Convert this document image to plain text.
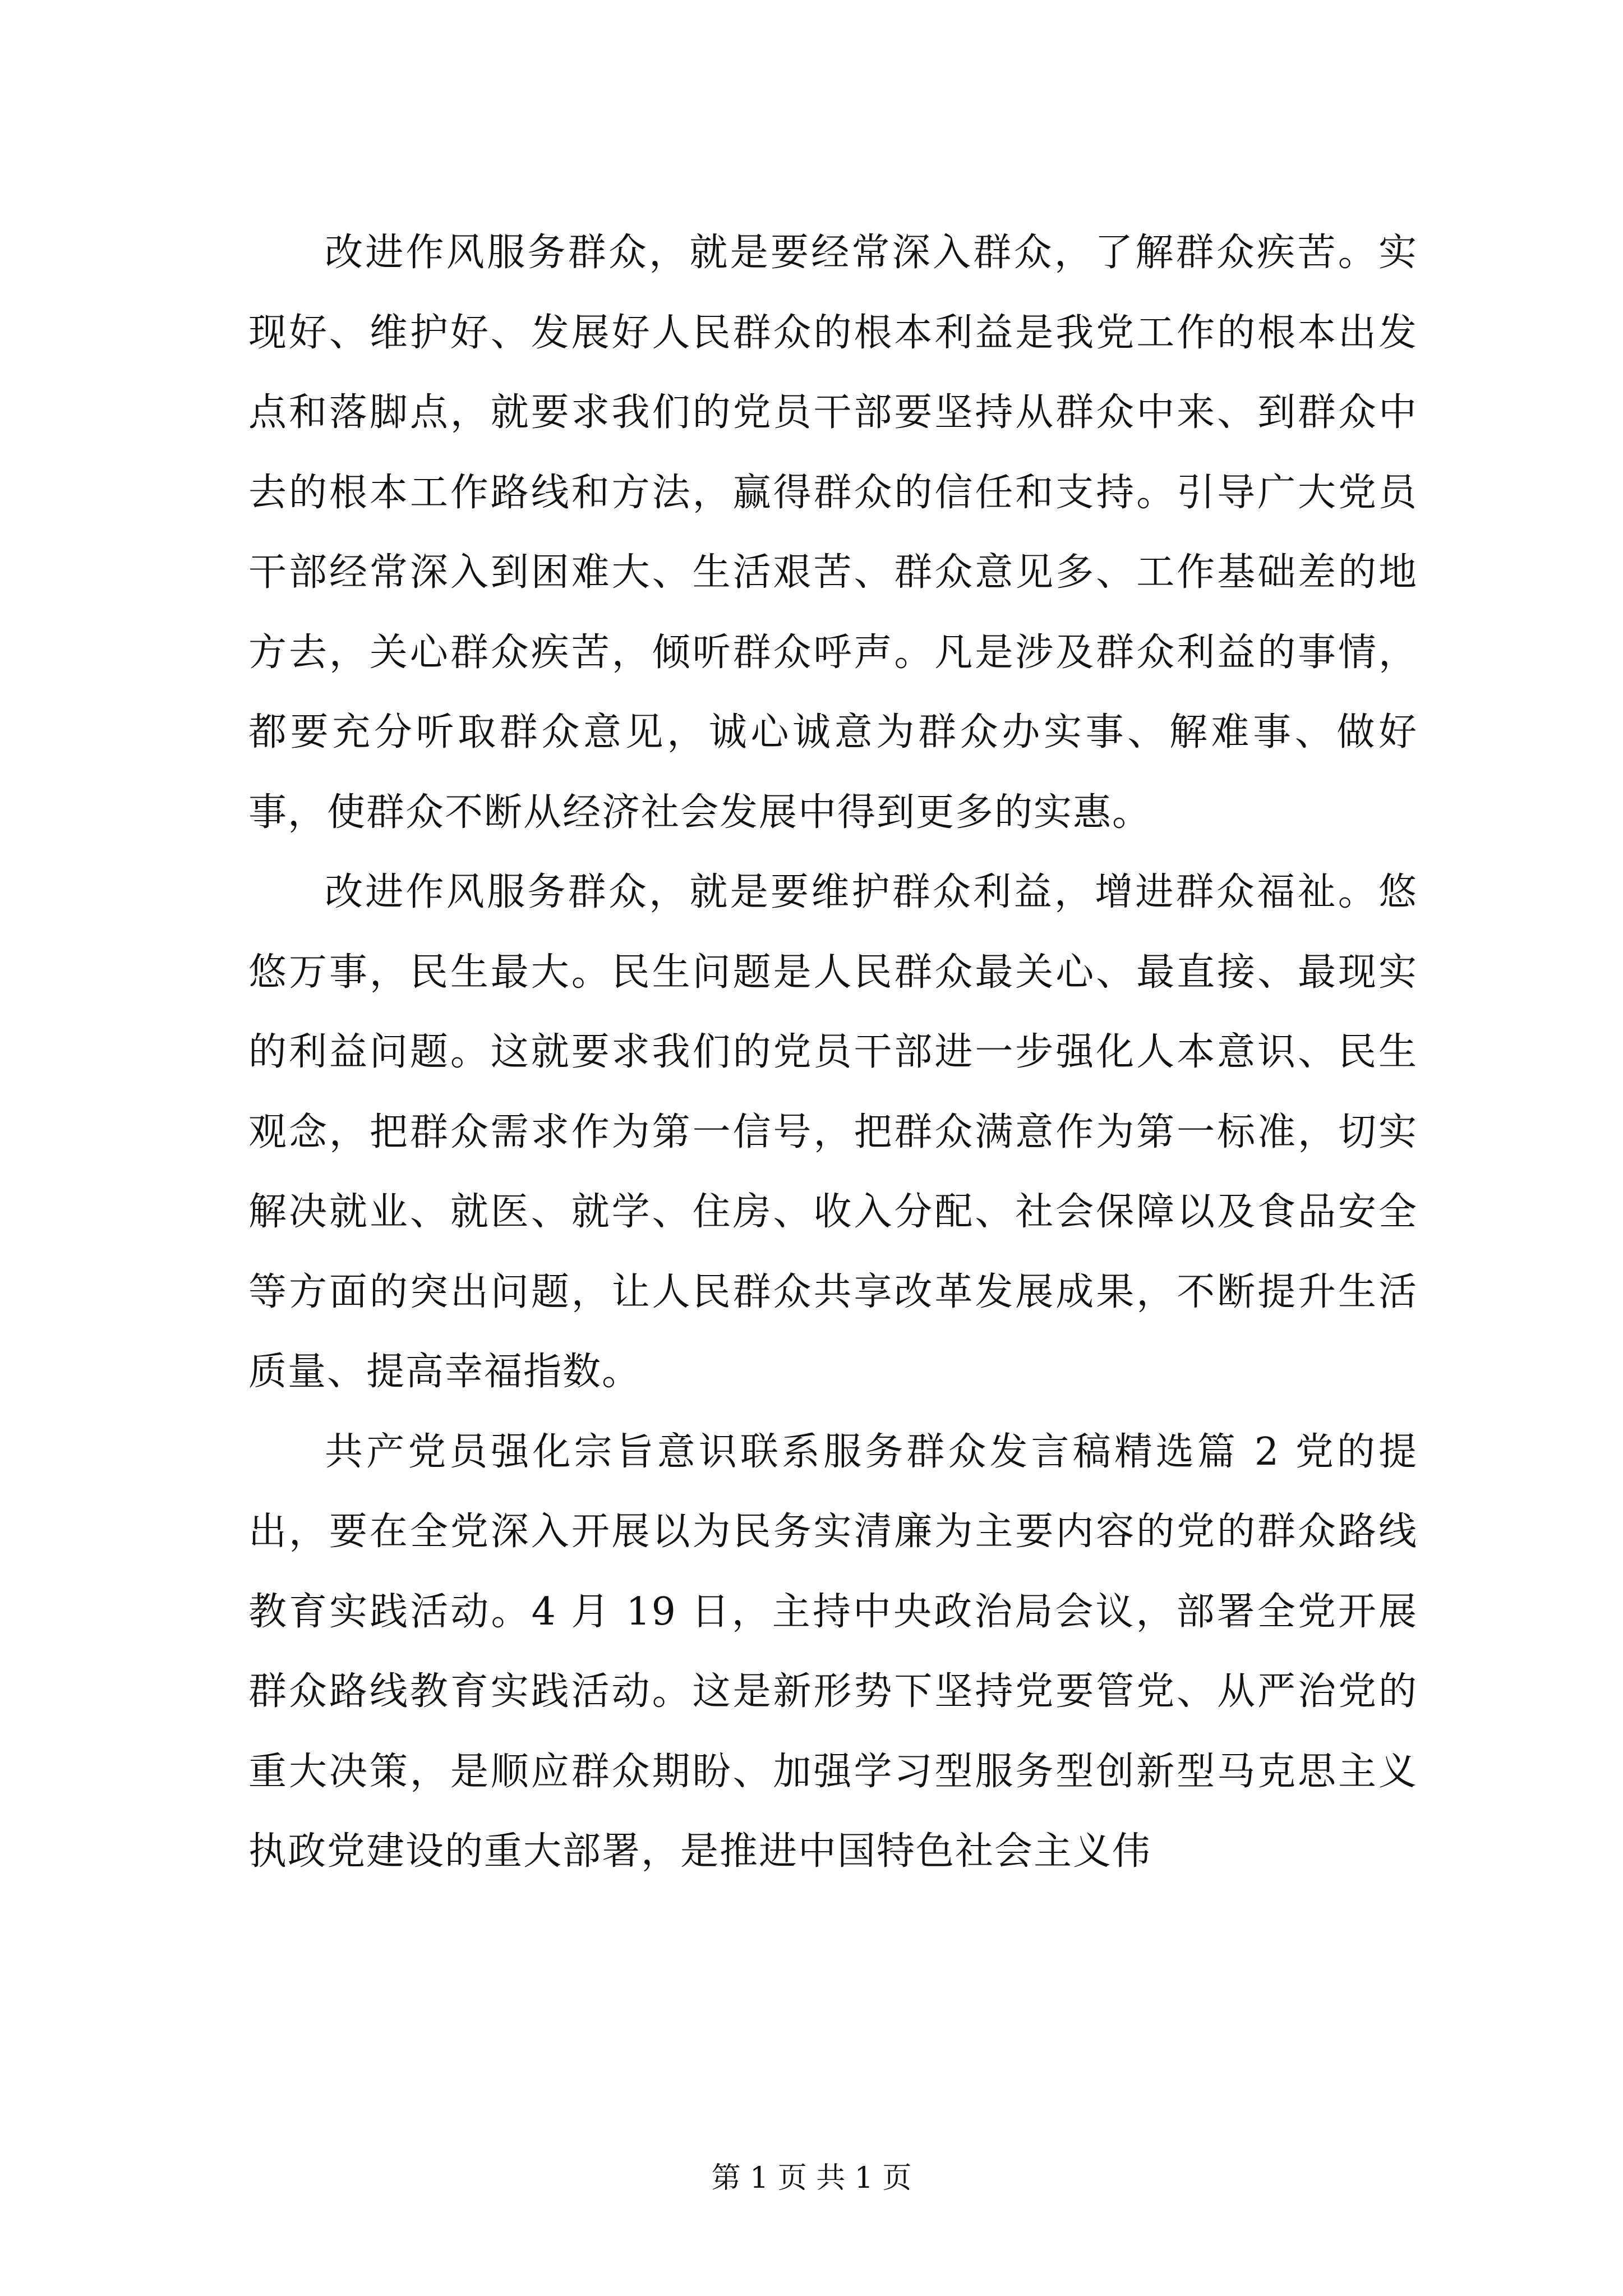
改进作风服务群众，就是要经常深入群众，了解群众疾苦。实现好、维护好、发展好人民群众的根本利益是我党工作的根本出发点和落脚点，就要求我们的党员干部要坚持从群众中来、到群众中去的根本工作路线和方法，赢得群众的信任和支持。引导广大党员干部经常深入到困难大、生活艰苦、群众意见多、工作基础差的地方去，关心群众疾苦，倾听群众呼声。凡是涉及群众利益的事情，都要充分听取群众意见，诚心诚意为群众办实事、解难事、做好事，使群众不断从经济社会发展中得到更多的实惠。

改进作风服务群众，就是要维护群众利益，增进群众福祉。悠悠万事，民生最大。民生问题是人民群众最关心、最直接、最现实的利益问题。这就要求我们的党员干部进一步强化人本意识、民生观念，把群众需求作为第一信号，把群众满意作为第一标准，切实解决就业、就医、就学、住房、收入分配、社会保障以及食品安全等方面的突出问题，让人民群众共享改革发展成果，不断提升生活质量、提高幸福指数。

共产党员强化宗旨意识联系服务群众发言稿精选篇 2 党的提出，要在全党深入开展以为民务实清廉为主要内容的党的群众路线教育实践活动。4 月 19 日，主持中央政治局会议，部署全党开展群众路线教育实践活动。这是新形势下坚持党要管党、从严治党的重大决策，是顺应群众期盼、加强学习型服务型创新型马克思主义执政党建设的重大部署，是推进中国特色社会主义伟

第 1 页 共 1 页
